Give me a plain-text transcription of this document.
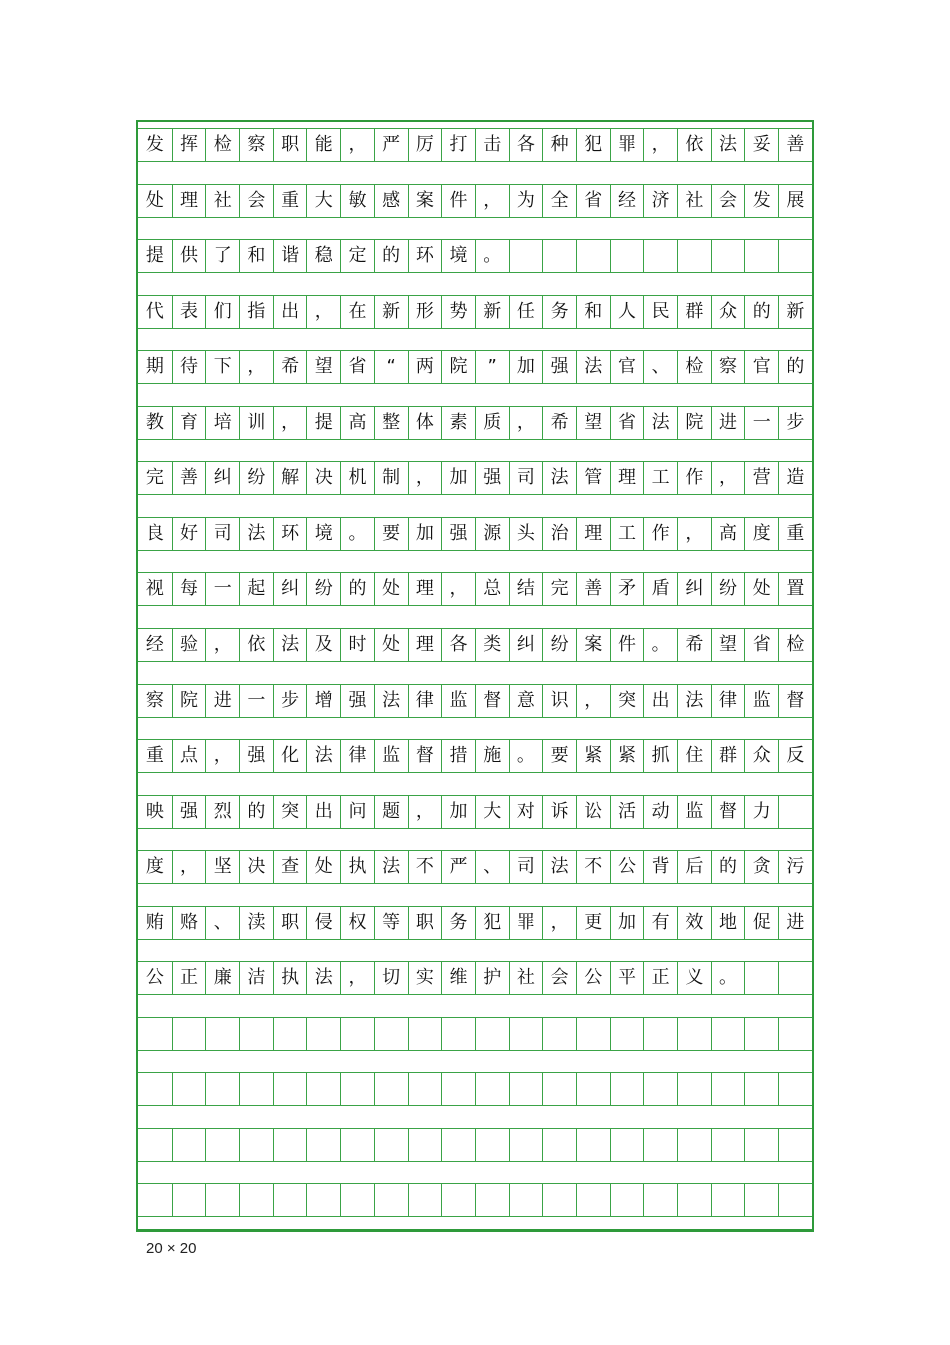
发 挥 检 察 职 能 ， 严 厉 打 击 各 种 犯 罪 ， 依 法 妥 善
处 理 社 会 重 大 敏 感 案 件 ， 为 全 省 经 济 社 会 发 展
提 供 了 和 谐 稳 定 的 环 境 。
代 表 们 指 出 ， 在 新 形 势 新 任 务 和 人 民 群 众 的 新
期 待 下 ， 希 望 省	“	两 院	”	加 强 法 官 、 检 察 官 的
教 育 培 训 ， 提 高 整 体 素 质 ， 希 望 省 法 院 进 一 步
完 善 纠 纷 解 决 机 制 ， 加 强 司 法 管 理 工 作 ， 营 造
良 好 司 法 环 境 。 要 加 强 源 头 治 理 工 作 ， 高 度 重
视 每 一 起 纠 纷 的 处 理 ， 总 结 完 善 矛 盾 纠 纷 处 置
经 验 ， 依 法 及 时 处 理 各 类 纠 纷 案 件 。 希 望 省 检
察 院 进 一 步 增 强 法 律 监 督 意 识 ， 突 出 法 律 监 督
重 点 ， 强 化 法 律 监 督 措 施 。 要 紧 紧 抓 住 群 众 反
映 强 烈 的 突 出 问 题 ， 加 大 对 诉 讼 活 动 监 督 力
度 ， 坚 决 查 处 执 法 不 严 、 司 法 不 公 背 后 的 贪 污
贿 赂 、 渎 职 侵 权 等 职 务 犯 罪 ， 更 加 有 效 地 促 进
公 正 廉 洁 执 法 ， 切 实 维 护 社 会 公 平 正 义 。
20 × 20
